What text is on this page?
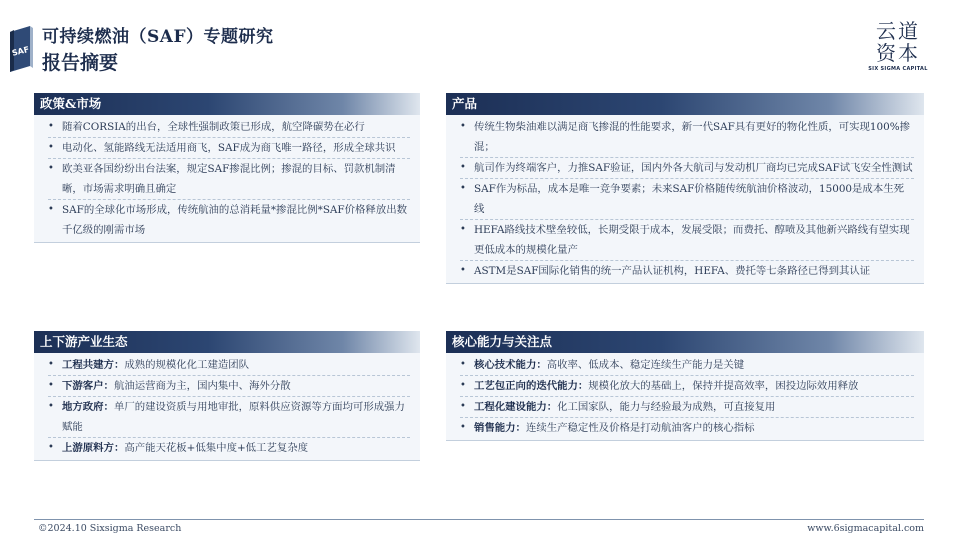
SAF
可持续燃油（SAF）专题研究
报告摘要
云道
资本
SIX SIGMA CAPITAL
政策&市场
• 随着CORSIA的出台，全球性强制政策已形成，航空降碳势在必行
• 电动化、氢能路线无法适用商飞，SAF成为商飞唯一路径，形成全球共识
• 欧美亚各国纷纷出台法案，规定SAF掺混比例；掺混的目标、罚款机制清晰，市场需求明确且确定
• SAF的全球化市场形成，传统航油的总消耗量*掺混比例*SAF价格释放出数千亿级的刚需市场
产品
• 传统生物柴油难以满足商飞掺混的性能要求，新一代SAF具有更好的物化性质，可实现100%掺混；
• 航司作为终端客户，力推SAF验证，国内外各大航司与发动机厂商均已完成SAF试飞安全性测试
• SAF作为标品，成本是唯一竞争要素；未来SAF价格随传统航油价格波动，15000是成本生死线
• HEFA路线技术壁垒较低，长期受限于成本，发展受限；而费托、醇喷及其他新兴路线有望实现更低成本的规模化量产
• ASTM是SAF国际化销售的统一产品认证机构，HEFA、费托等七条路径已得到其认证
上下游产业生态
• 工程共建方：成熟的规模化化工建造团队
• 下游客户：航油运营商为主，国内集中、海外分散
• 地方政府：单厂的建设资质与用地审批，原料供应资源等方面均可形成强力赋能
• 上游原料方：高产能天花板+低集中度+低工艺复杂度
核心能力与关注点
• 核心技术能力：高收率、低成本、稳定连续生产能力是关键
• 工艺包正向的迭代能力：规模化放大的基础上，保持并提高效率，困投边际效用释放
• 工程化建设能力：化工国家队，能力与经验最为成熟，可直接复用
• 销售能力：连续生产稳定性及价格是打动航油客户的核心指标
©2024.10 Sixsigma Research	www.6sigmacapital.com
